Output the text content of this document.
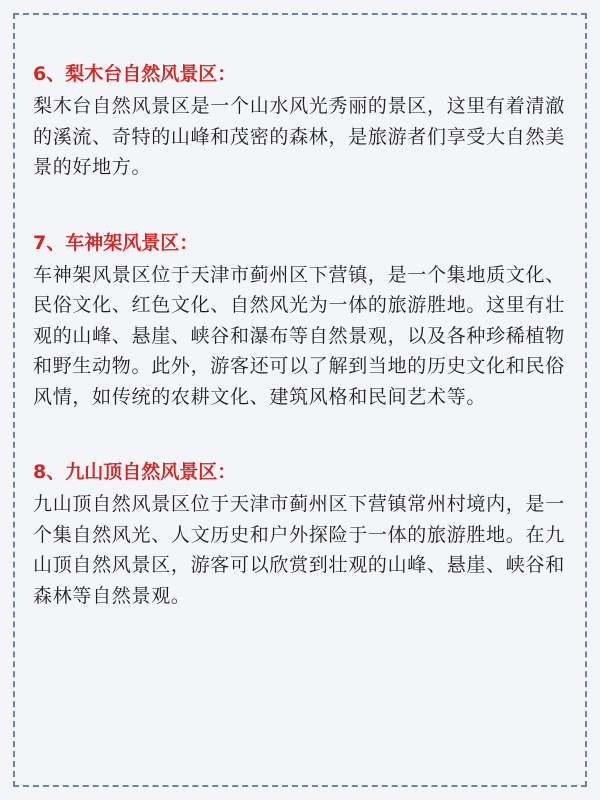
6、梨木台自然风景区：

梨木台自然风景区是一个山水风光秀丽的景区，这里有着清澈的溪流、奇特的山峰和茂密的森林，是旅游者们享受大自然美景的好地方。

7、车神架风景区：

车神架风景区位于天津市蓟州区下营镇，是一个集地质文化、民俗文化、红色文化、自然风光为一体的旅游胜地。这里有壮观的山峰、悬崖、峡谷和瀑布等自然景观，以及各种珍稀植物和野生动物。此外，游客还可以了解到当地的历史文化和民俗风情，如传统的农耕文化、建筑风格和民间艺术等。

8、九山顶自然风景区：

九山顶自然风景区位于天津市蓟州区下营镇常州村境内，是一个集自然风光、人文历史和户外探险于一体的旅游胜地。在九山顶自然风景区，游客可以欣赏到壮观的山峰、悬崖、峡谷和森林等自然景观。
